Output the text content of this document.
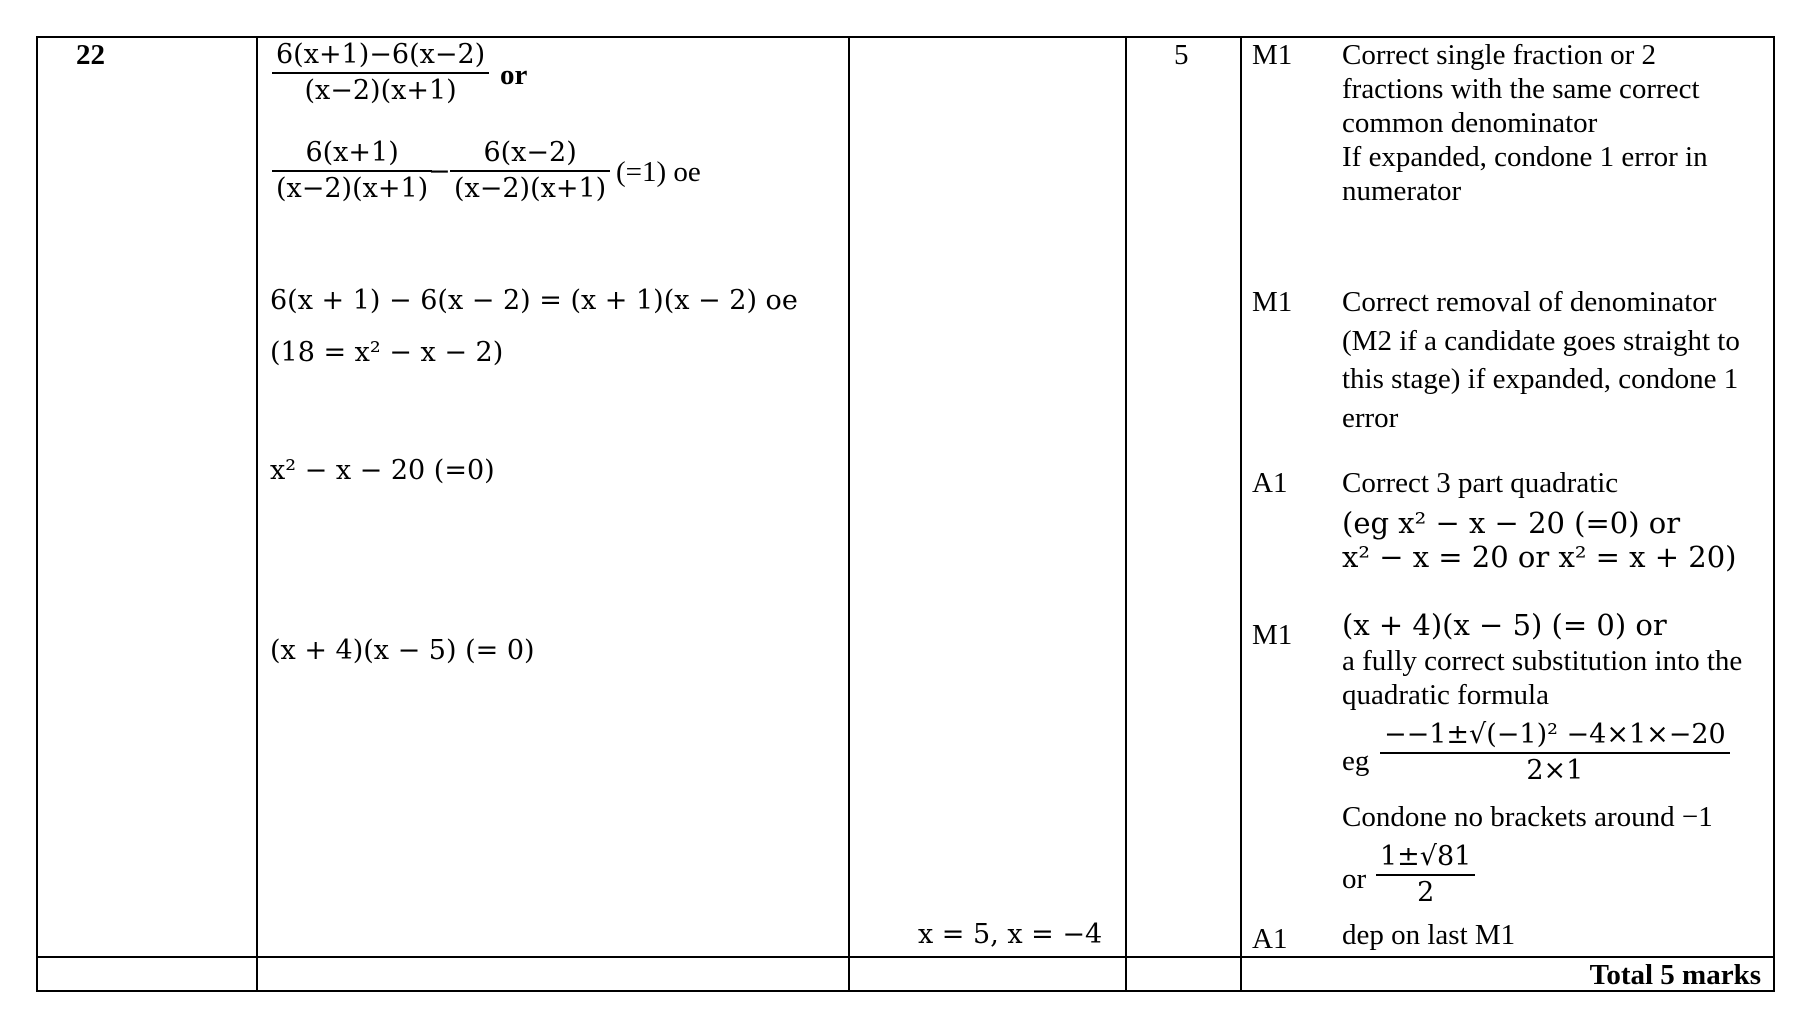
22	6(x+1)−6(x−2)
(x−2)(x+1)	or
6(x+1)
(x−2)(x+1)
−
6(x−2)
(x−2)(x+1)
(=1) oe
6(x + 1) − 6(x − 2) = (x + 1)(x − 2) oe
(18 = x² − x − 2)
x² − x − 20 (=0)
(x + 4)(x − 5) (= 0)
x = 5, x = −4
5 M1
M1
A1
M1
A1
Correct single fraction or 2
fractions with the same correct
common denominator
If expanded, condone 1 error in
numerator
Correct removal of denominator
(M2 if a candidate goes straight to
this stage) if expanded, condone 1
error
Correct 3 part quadratic
(eg x² − x − 20 (=0) or
x² − x = 20 or x² = x + 20)
(x + 4)(x − 5) (= 0) or
a fully correct substitution into the
quadratic formula
eg
−−1±√(−1)² −4×1×−20
2×1
Condone no brackets around −1
or
1±√81
2
dep on last M1
Total 5 marks
